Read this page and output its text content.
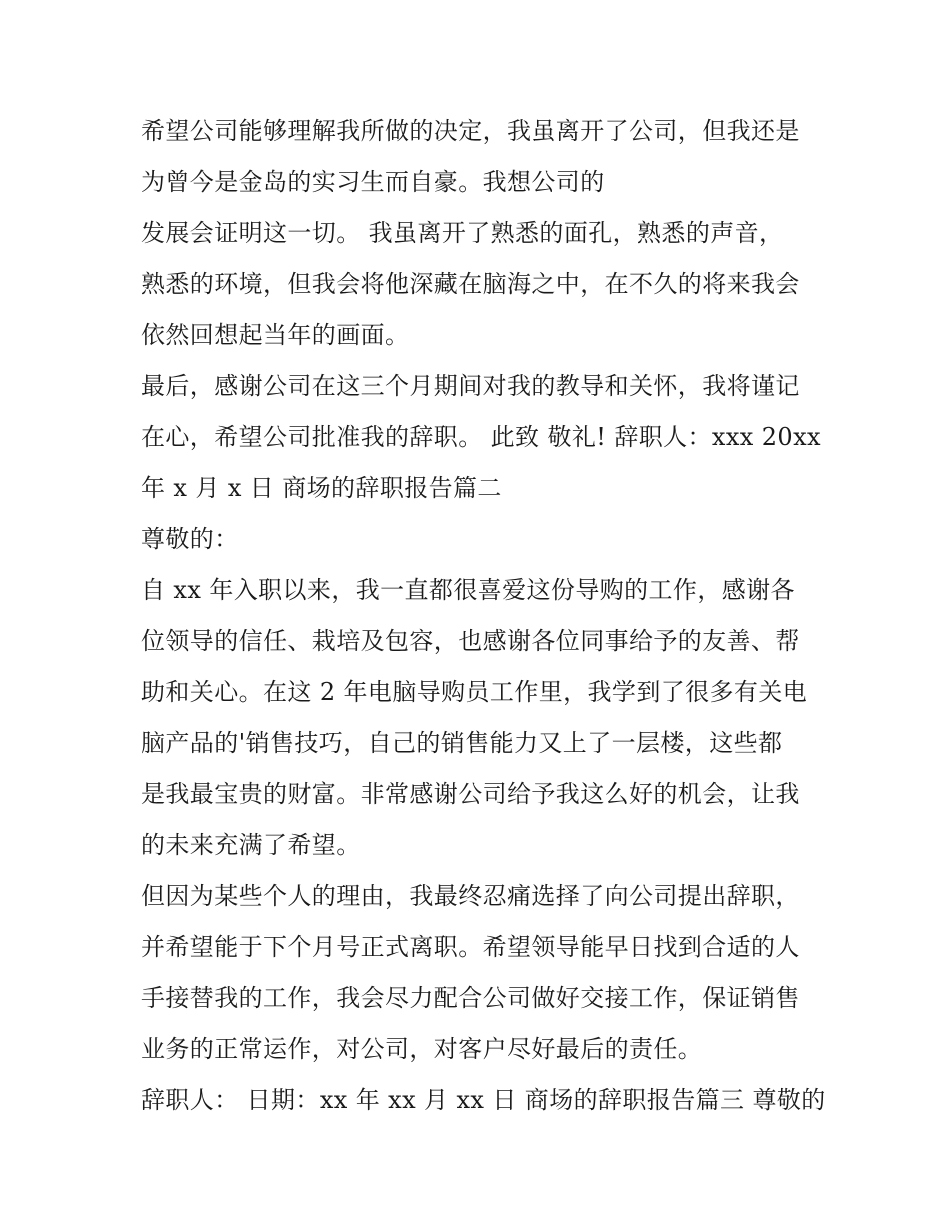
希望公司能够理解我所做的决定，我虽离开了公司，但我还是
为曾今是金岛的实习生而自豪。我想公司的
发展会证明这一切。 我虽离开了熟悉的面孔，熟悉的声音，
熟悉的环境，但我会将他深藏在脑海之中，在不久的将来我会
依然回想起当年的画面。
最后，感谢公司在这三个月期间对我的教导和关怀，我将谨记
在心，希望公司批准我的辞职。 此致 敬礼! 辞职人：xxx 20xx
年 x 月 x 日 商场的辞职报告篇二
尊敬的：
自 xx 年入职以来，我一直都很喜爱这份导购的工作，感谢各
位领导的信任、栽培及包容，也感谢各位同事给予的友善、帮
助和关心。在这 2 年电脑导购员工作里，我学到了很多有关电
脑产品的'销售技巧，自己的销售能力又上了一层楼，这些都
是我最宝贵的财富。非常感谢公司给予我这么好的机会，让我
的未来充满了希望。
但因为某些个人的理由，我最终忍痛选择了向公司提出辞职，
并希望能于下个月号正式离职。希望领导能早日找到合适的人
手接替我的工作，我会尽力配合公司做好交接工作，保证销售
业务的正常运作，对公司，对客户尽好最后的责任。
辞职人： 日期：xx 年 xx 月 xx 日 商场的辞职报告篇三 尊敬的
